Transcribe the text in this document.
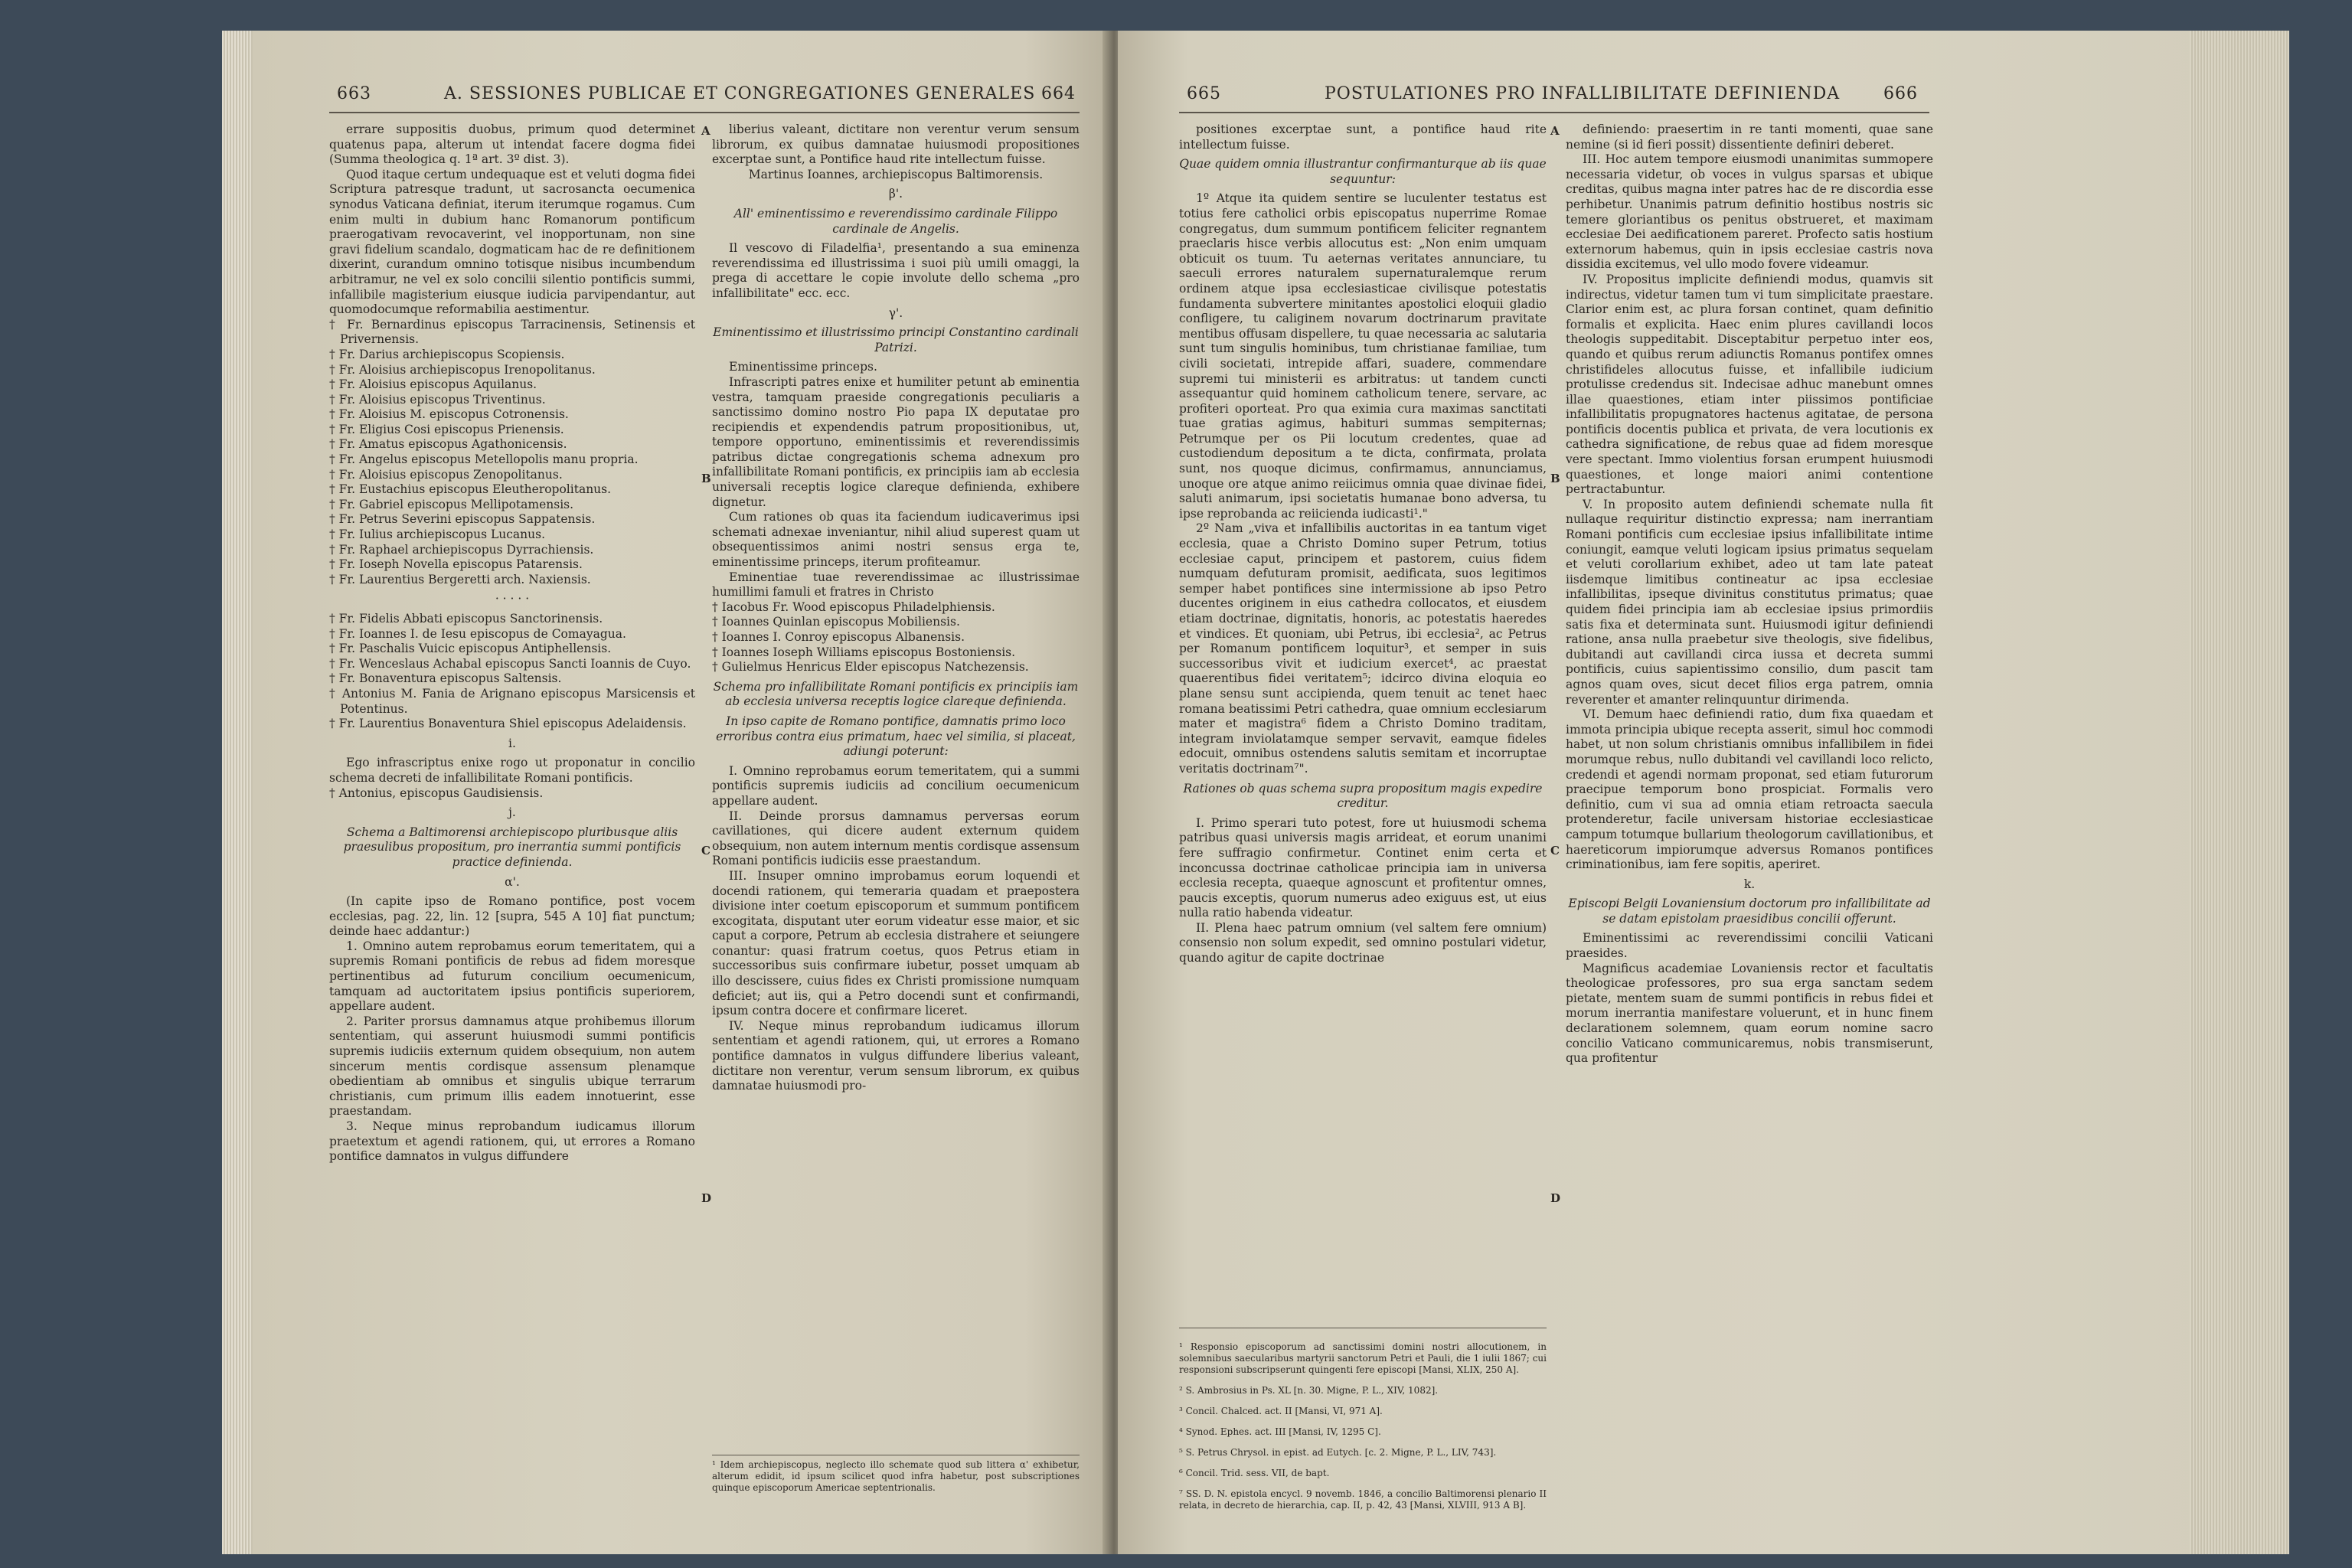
663	A. SESSIONES PUBLICAE ET CONGREGATIONES GENERALES 664

errare suppositis duobus, primum quod determinet quatenus papa, alterum ut intendat facere dogma fidei (Summa theologica q. 1ª art. 3º dist. 3).

Quod itaque certum undequaque est et veluti dogma fidei Scriptura patresque tradunt, ut sacrosancta oecumenica synodus Vaticana definiat, iterum iterumque rogamus. Cum enim multi in dubium hanc Romanorum pontificum praerogativam revocaverint, vel inopportunam, non sine gravi fidelium scandalo, dogmaticam hac de re definitionem dixerint, curandum omnino totisque nisibus incumbendum arbitramur, ne vel ex solo concilii silentio pontificis summi, infallibile magisterium eiusque iudicia parvipendantur, aut quomodocumque reformabilia aestimentur.

† Fr. Bernardinus episcopus Tarracinensis, Setinensis et Privernensis.

† Fr. Darius archiepiscopus Scopiensis.

† Fr. Aloisius archiepiscopus Irenopolitanus.

† Fr. Aloisius episcopus Aquilanus.

† Fr. Aloisius episcopus Triventinus.

† Fr. Aloisius M. episcopus Cotronensis.

† Fr. Eligius Cosi episcopus Prienensis.

† Fr. Amatus episcopus Agathonicensis.

† Fr. Angelus episcopus Metellopolis manu propria.

† Fr. Aloisius episcopus Zenopolitanus.

† Fr. Eustachius episcopus Eleutheropolitanus.

† Fr. Gabriel episcopus Mellipotamensis.

† Fr. Petrus Severini episcopus Sappatensis.

† Fr. Iulius archiepiscopus Lucanus.

† Fr. Raphael archiepiscopus Dyrrachiensis.

† Fr. Ioseph Novella episcopus Patarensis.

† Fr. Laurentius Bergeretti arch. Naxiensis.

· · · · ·

† Fr. Fidelis Abbati episcopus Sanctorinensis.

† Fr. Ioannes I. de Iesu episcopus de Comayagua.

† Fr. Paschalis Vuicic episcopus Antiphellensis.

† Fr. Wenceslaus Achabal episcopus Sancti Ioannis de Cuyo.

† Fr. Bonaventura episcopus Saltensis.

† Antonius M. Fania de Arignano episcopus Marsicensis et Potentinus.

† Fr. Laurentius Bonaventura Shiel episcopus Adelaidensis.

i.

Ego infrascriptus enixe rogo ut proponatur in concilio schema decreti de infallibilitate Romani pontificis.

† Antonius, episcopus Gaudisiensis.

j.

Schema a Baltimorensi archiepiscopo pluribusque aliis praesulibus propositum, pro inerrantia summi pontificis practice definienda.

α'.

(In capite ipso de Romano pontifice, post vocem ecclesias, pag. 22, lin. 12 [supra, 545 A 10] fiat punctum; deinde haec addantur:)

1. Omnino autem reprobamus eorum temeritatem, qui a supremis Romani pontificis de rebus ad fidem moresque pertinentibus ad futurum concilium oecumenicum, tamquam ad auctoritatem ipsius pontificis superiorem, appellare audent.

2. Pariter prorsus damnamus atque prohibemus illorum sententiam, qui asserunt huiusmodi summi pontificis supremis iudiciis externum quidem obsequium, non autem sincerum mentis cordisque assensum plenamque obedientiam ab omnibus et singulis ubique terrarum christianis, cum primum illis eadem innotuerint, esse praestandam.

3. Neque minus reprobandum iudicamus illorum praetextum et agendi rationem, qui, ut errores a Romano pontifice damnatos in vulgus diffundere

liberius valeant, dictitare non verentur verum sensum librorum, ex quibus damnatae huiusmodi propositiones excerptae sunt, a Pontifice haud rite intellectum fuisse.

Martinus Ioannes, archiepiscopus Baltimorensis.

β'.

All' eminentissimo e reverendissimo cardinale Filippo cardinale de Angelis.

Il vescovo di Filadelfia¹, presentando a sua eminenza reverendissima ed illustrissima i suoi più umili omaggi, la prega di accettare le copie involute dello schema „pro infallibilitate" ecc. ecc.

γ'.

Eminentissimo et illustrissimo principi Constantino cardinali Patrizi.

Eminentissime princeps.

Infrascripti patres enixe et humiliter petunt ab eminentia vestra, tamquam praeside congregationis peculiaris a sanctissimo domino nostro Pio papa IX deputatae pro recipiendis et expendendis patrum propositionibus, ut, tempore opportuno, eminentissimis et reverendissimis patribus dictae congregationis schema adnexum pro infallibilitate Romani pontificis, ex principiis iam ab ecclesia universali receptis logice clareque definienda, exhibere dignetur.

Cum rationes ob quas ita faciendum iudicaverimus ipsi schemati adnexae inveniantur, nihil aliud superest quam ut obsequentissimos animi nostri sensus erga te, eminentissime princeps, iterum profiteamur.

Eminentiae tuae reverendissimae ac illustrissimae humillimi famuli et fratres in Christo

† Iacobus Fr. Wood episcopus Philadelphiensis.

† Ioannes Quinlan episcopus Mobiliensis.

† Ioannes I. Conroy episcopus Albanensis.

† Ioannes Ioseph Williams episcopus Bostoniensis.

† Gulielmus Henricus Elder episcopus Natchezensis.

Schema pro infallibilitate Romani pontificis ex principiis iam ab ecclesia universa receptis logice clareque definienda.

In ipso capite de Romano pontifice, damnatis primo loco erroribus contra eius primatum, haec vel similia, si placeat, adiungi poterunt:

I. Omnino reprobamus eorum temeritatem, qui a summi pontificis supremis iudiciis ad concilium oecumenicum appellare audent.

II. Deinde prorsus damnamus perversas eorum cavillationes, qui dicere audent externum quidem obsequium, non autem internum mentis cordisque assensum Romani pontificis iudiciis esse praestandum.

III. Insuper omnino improbamus eorum loquendi et docendi rationem, qui temeraria quadam et praepostera divisione inter coetum episcoporum et summum pontificem excogitata, disputant uter eorum videatur esse maior, et sic caput a corpore, Petrum ab ecclesia distrahere et seiungere conantur: quasi fratrum coetus, quos Petrus etiam in successoribus suis confirmare iubetur, posset umquam ab illo descissere, cuius fides ex Christi promissione numquam deficiet; aut iis, qui a Petro docendi sunt et confirmandi, ipsum contra docere et confirmare liceret.

IV. Neque minus reprobandum iudicamus illorum sententiam et agendi rationem, qui, ut errores a Romano pontifice damnatos in vulgus diffundere liberius valeant, dictitare non verentur, verum sensum librorum, ex quibus damnatae huiusmodi pro-

¹ Idem archiepiscopus, neglecto illo schemate quod sub littera α' exhibetur, alterum edidit, id ipsum scilicet quod infra habetur, post subscriptiones quinque episcoporum Americae septentrionalis.
A
B
C
D
665	POSTULATIONES PRO INFALLIBILITATE DEFINIENDA	666

positiones excerptae sunt, a pontifice haud rite intellectum fuisse.

Quae quidem omnia illustrantur confirmanturque ab iis quae sequuntur:

1º Atque ita quidem sentire se luculenter testatus est totius fere catholici orbis episcopatus nuperrime Romae congregatus, dum summum pontificem feliciter regnantem praeclaris hisce verbis allocutus est: „Non enim umquam obticuit os tuum. Tu aeternas veritates annunciare, tu saeculi errores naturalem supernaturalemque rerum ordinem atque ipsa ecclesiasticae civilisque potestatis fundamenta subvertere minitantes apostolici eloquii gladio confligere, tu caliginem novarum doctrinarum pravitate mentibus offusam dispellere, tu quae necessaria ac salutaria sunt tum singulis hominibus, tum christianae familiae, tum civili societati, intrepide affari, suadere, commendare supremi tui ministerii es arbitratus: ut tandem cuncti assequantur quid hominem catholicum tenere, servare, ac profiteri oporteat. Pro qua eximia cura maximas sanctitati tuae gratias agimus, habituri summas sempiternas; Petrumque per os Pii locutum credentes, quae ad custodiendum depositum a te dicta, confirmata, prolata sunt, nos quoque dicimus, confirmamus, annunciamus, unoque ore atque animo reiicimus omnia quae divinae fidei, saluti animarum, ipsi societatis humanae bono adversa, tu ipse reprobanda ac reiicienda iudicasti¹."

2º Nam „viva et infallibilis auctoritas in ea tantum viget ecclesia, quae a Christo Domino super Petrum, totius ecclesiae caput, principem et pastorem, cuius fidem numquam defuturam promisit, aedificata, suos legitimos semper habet pontifices sine intermissione ab ipso Petro ducentes originem in eius cathedra collocatos, et eiusdem etiam doctrinae, dignitatis, honoris, ac potestatis haeredes et vindices. Et quoniam, ubi Petrus, ibi ecclesia², ac Petrus per Romanum pontificem loquitur³, et semper in suis successoribus vivit et iudicium exercet⁴, ac praestat quaerentibus fidei veritatem⁵; idcirco divina eloquia eo plane sensu sunt accipienda, quem tenuit ac tenet haec romana beatissimi Petri cathedra, quae omnium ecclesiarum mater et magistra⁶ fidem a Christo Domino traditam, integram inviolatamque semper servavit, eamque fideles edocuit, omnibus ostendens salutis semitam et incorruptae veritatis doctrinam⁷".

Rationes ob quas schema supra propositum magis expedire creditur.

I. Primo sperari tuto potest, fore ut huiusmodi schema patribus quasi universis magis arrideat, et eorum unanimi fere suffragio confirmetur. Continet enim certa et inconcussa doctrinae catholicae principia iam in universa ecclesia recepta, quaeque agnoscunt et profitentur omnes, paucis exceptis, quorum numerus adeo exiguus est, ut eius nulla ratio habenda videatur.

II. Plena haec patrum omnium (vel saltem fere omnium) consensio non solum expedit, sed omnino postulari videtur, quando agitur de capite doctrinae

definiendo: praesertim in re tanti momenti, quae sane nemine (si id fieri possit) dissentiente definiri deberet.

III. Hoc autem tempore eiusmodi unanimitas summopere necessaria videtur, ob voces in vulgus sparsas et ubique creditas, quibus magna inter patres hac de re discordia esse perhibetur. Unanimis patrum definitio hostibus nostris sic temere gloriantibus os penitus obstrueret, et maximam ecclesiae Dei aedificationem pareret. Profecto satis hostium externorum habemus, quin in ipsis ecclesiae castris nova dissidia excitemus, vel ullo modo fovere videamur.

IV. Propositus implicite definiendi modus, quamvis sit indirectus, videtur tamen tum vi tum simplicitate praestare. Clarior enim est, ac plura forsan continet, quam definitio formalis et explicita. Haec enim plures cavillandi locos theologis suppeditabit. Disceptabitur perpetuo inter eos, quando et quibus rerum adiunctis Romanus pontifex omnes christifideles allocutus fuisse, et infallibile iudicium protulisse credendus sit. Indecisae adhuc manebunt omnes illae quaestiones, etiam inter piissimos pontificiae infallibilitatis propugnatores hactenus agitatae, de persona pontificis docentis publica et privata, de vera locutionis ex cathedra significatione, de rebus quae ad fidem moresque vere spectant. Immo violentius forsan erumpent huiusmodi quaestiones, et longe maiori animi contentione pertractabuntur.

V. In proposito autem definiendi schemate nulla fit nullaque requiritur distinctio expressa; nam inerrantiam Romani pontificis cum ecclesiae ipsius infallibilitate intime coniungit, eamque veluti logicam ipsius primatus sequelam et veluti corollarium exhibet, adeo ut tam late pateat iisdemque limitibus contineatur ac ipsa ecclesiae infallibilitas, ipseque divinitus constitutus primatus; quae quidem fidei principia iam ab ecclesiae ipsius primordiis satis fixa et determinata sunt. Huiusmodi igitur definiendi ratione, ansa nulla praebetur sive theologis, sive fidelibus, dubitandi aut cavillandi circa iussa et decreta summi pontificis, cuius sapientissimo consilio, dum pascit tam agnos quam oves, sicut decet filios erga patrem, omnia reverenter et amanter relinquuntur dirimenda.

VI. Demum haec definiendi ratio, dum fixa quaedam et immota principia ubique recepta asserit, simul hoc commodi habet, ut non solum christianis omnibus infallibilem in fidei morumque rebus, nullo dubitandi vel cavillandi loco relicto, credendi et agendi normam proponat, sed etiam futurorum praecipue temporum bono prospiciat. Formalis vero definitio, cum vi sua ad omnia etiam retroacta saecula protenderetur, facile universam historiae ecclesiasticae campum totumque bullarium theologorum cavillationibus, et haereticorum impiorumque adversus Romanos pontifices criminationibus, iam fere sopitis, aperiret.

k.

Episcopi Belgii Lovaniensium doctorum pro infallibilitate ad se datam epistolam praesidibus concilii offerunt.

Eminentissimi ac reverendissimi concilii Vaticani praesides.

Magnificus academiae Lovaniensis rector et facultatis theologicae professores, pro sua erga sanctam sedem pietate, mentem suam de summi pontificis in rebus fidei et morum inerrantia manifestare voluerunt, et in hunc finem declarationem solemnem, quam eorum nomine sacro concilio Vaticano communicaremus, nobis transmiserunt, qua profitentur

¹ Responsio episcoporum ad sanctissimi domini nostri allocutionem, in solemnibus saecularibus martyrii sanctorum Petri et Pauli, die 1 iulii 1867; cui responsioni subscripserunt quingenti fere episcopi [Mansi, XLIX, 250 A].

² S. Ambrosius in Ps. XL [n. 30. Migne, P. L., XIV, 1082].

³ Concil. Chalced. act. II [Mansi, VI, 971 A].

⁴ Synod. Ephes. act. III [Mansi, IV, 1295 C].

⁵ S. Petrus Chrysol. in epist. ad Eutych. [c. 2. Migne, P. L., LIV, 743].

⁶ Concil. Trid. sess. VII, de bapt.

⁷ SS. D. N. epistola encycl. 9 novemb. 1846, a concilio Baltimorensi plenario II relata, in decreto de hierarchia, cap. II, p. 42, 43 [Mansi, XLVIII, 913 A B].

A
B
C
D
